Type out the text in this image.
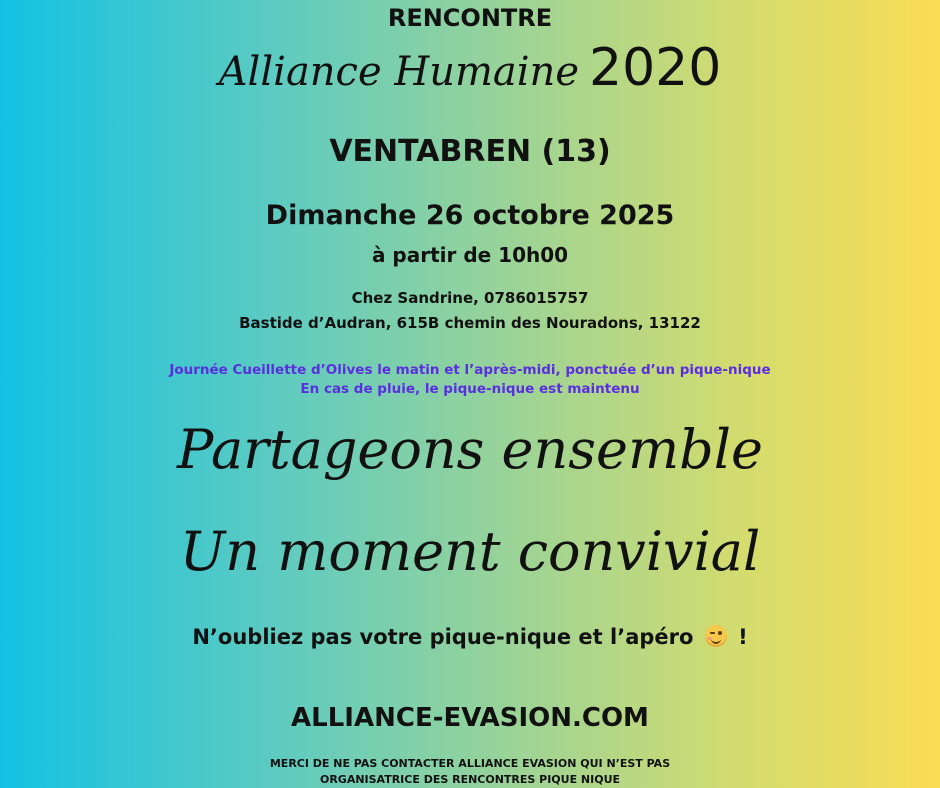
RENCONTRE
Alliance Humaine 2020
VENTABREN (13)
Dimanche 26 octobre 2025
à partir de 10h00
Chez Sandrine, 0786015757
Bastide d’Audran, 615B chemin des Nouradons, 13122
Journée Cueillette d’Olives le matin et l’après-midi, ponctuée d’un pique-nique
En cas de pluie, le pique-nique est maintenu
Partageons ensemble
Un moment convivial
N’oubliez pas votre pique-nique et l’apéro !
ALLIANCE-EVASION.COM
MERCI DE NE PAS CONTACTER ALLIANCE EVASION QUI N’EST PAS
ORGANISATRICE DES RENCONTRES PIQUE NIQUE
